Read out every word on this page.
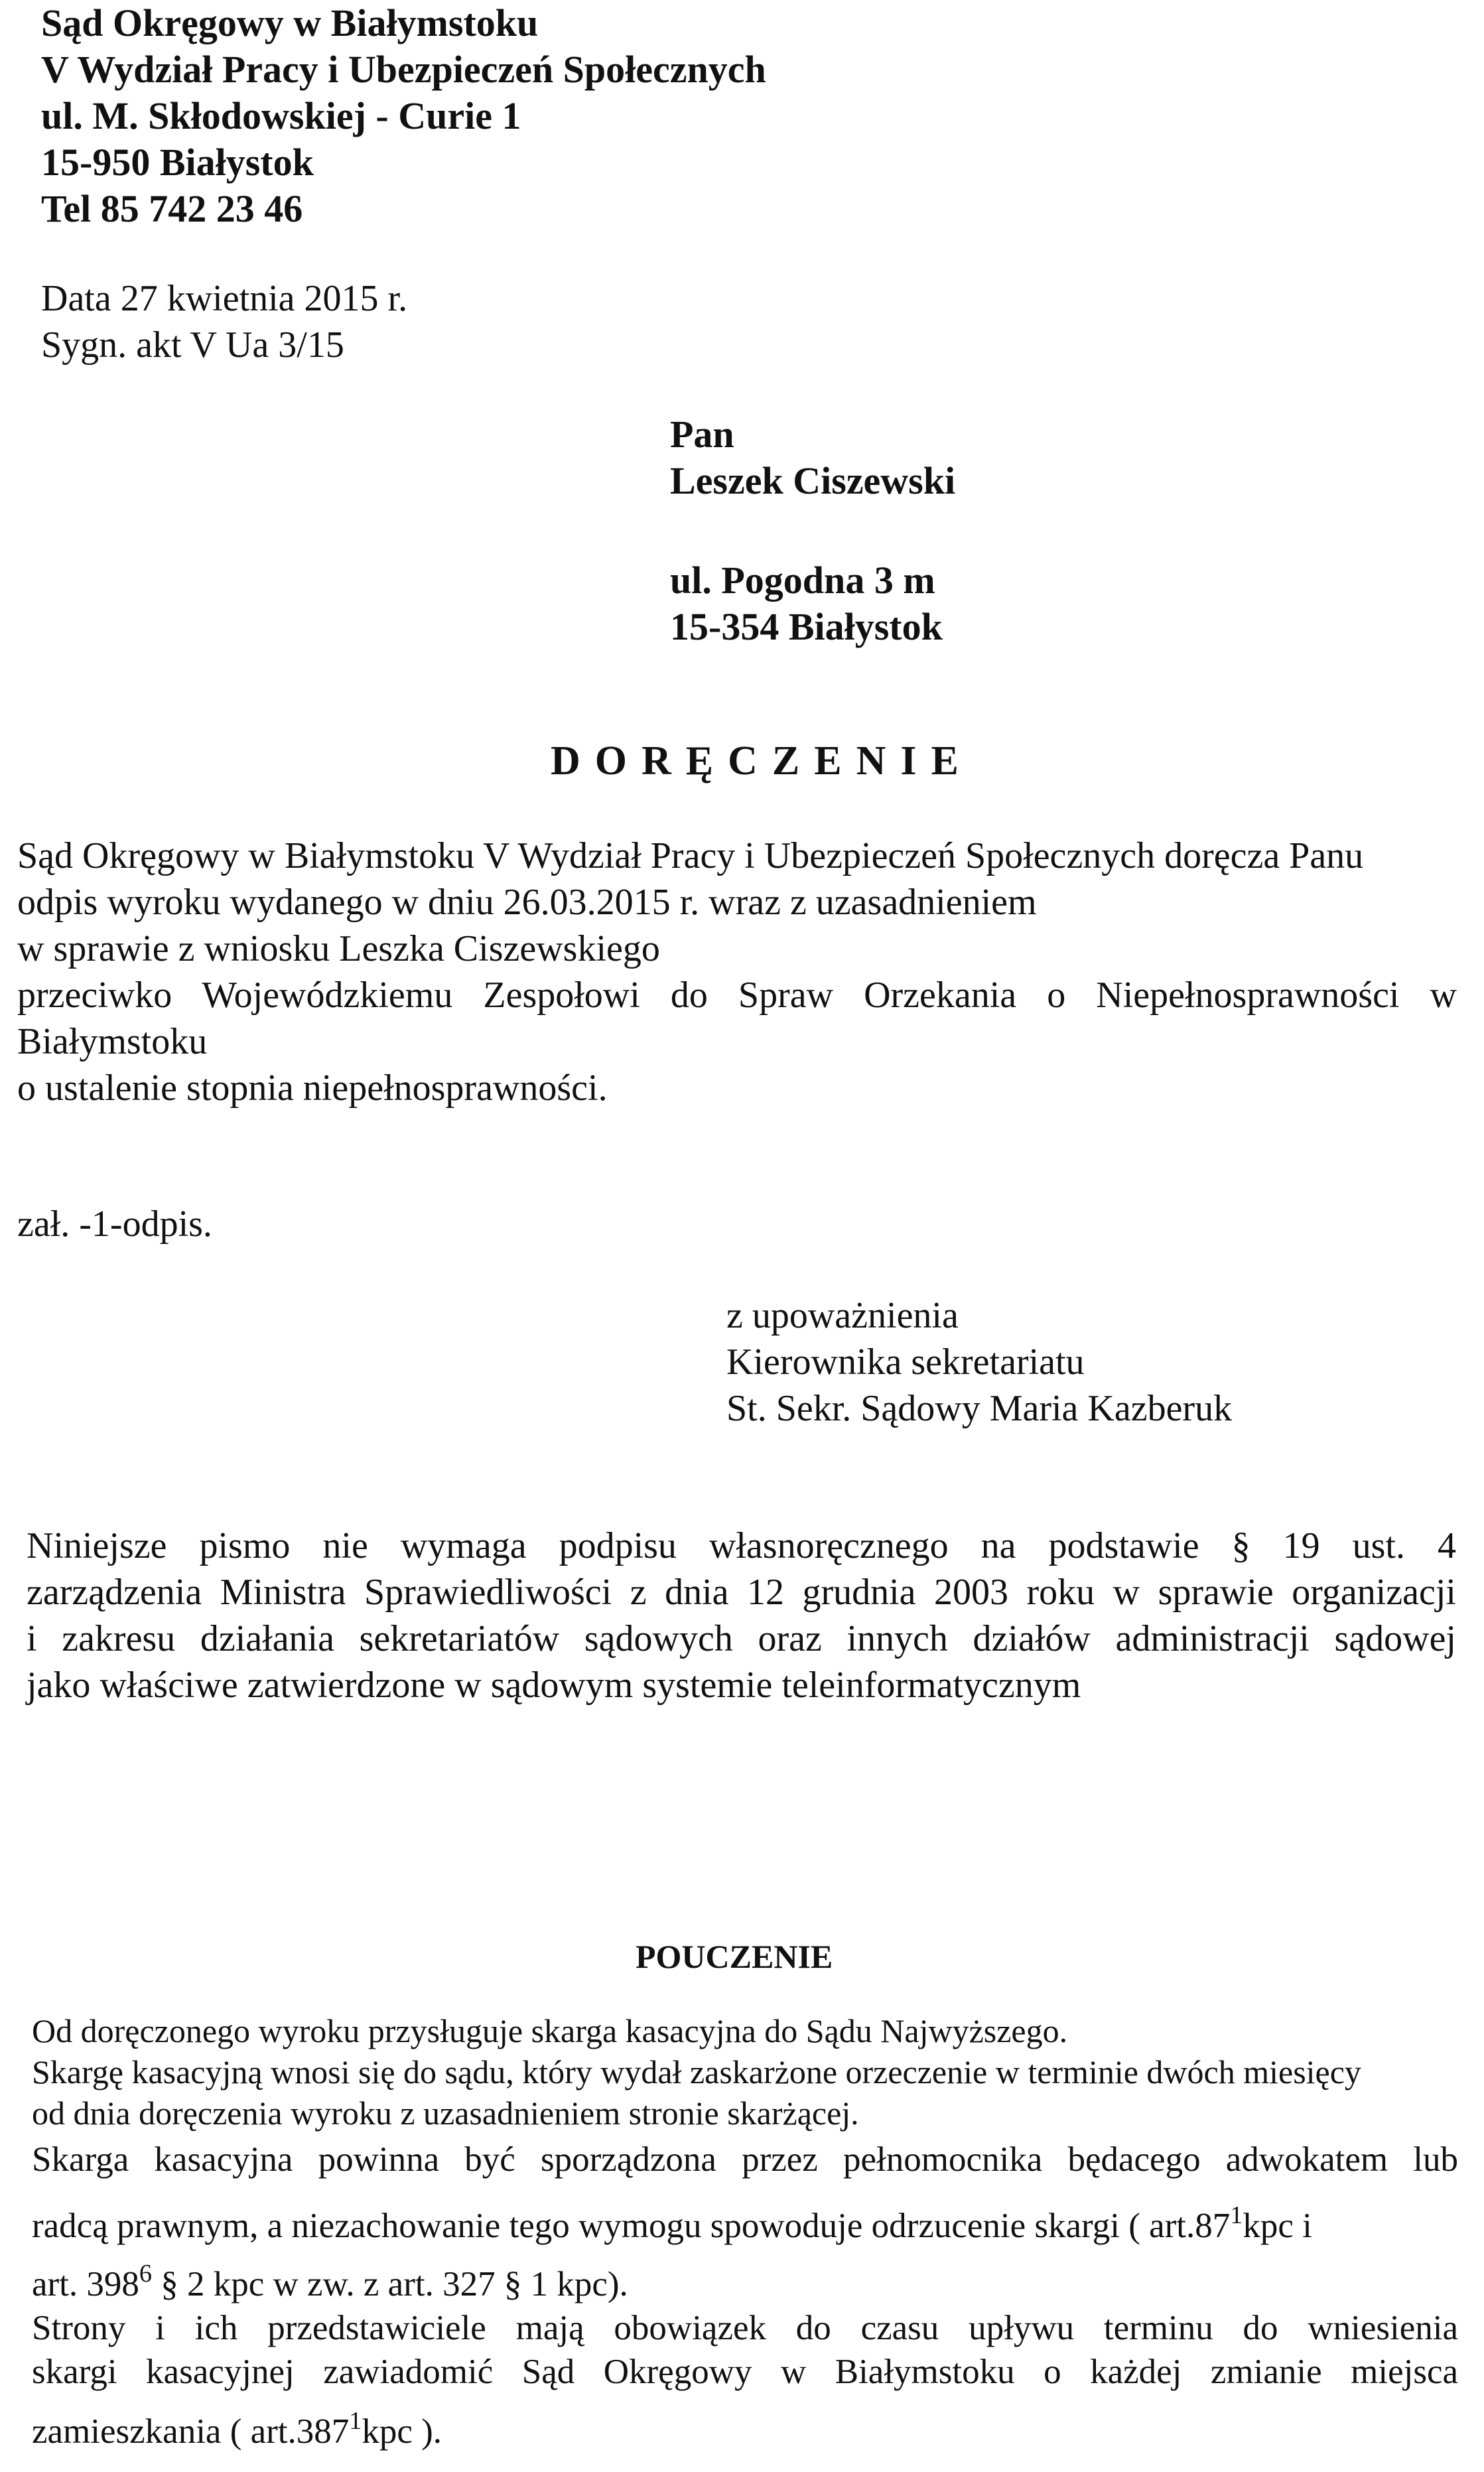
Sąd Okręgowy w Białymstoku
V Wydział Pracy i Ubezpieczeń Społecznych
ul. M. Skłodowskiej - Curie 1
15-950 Białystok
Tel 85 742 23 46
Data 27 kwietnia 2015 r.
Sygn. akt V Ua 3/15
Pan
Leszek Ciszewski
ul. Pogodna 3 m
15-354 Białystok
DORĘCZENIE
Sąd Okręgowy w Białymstoku V Wydział Pracy i Ubezpieczeń Społecznych doręcza Panu
odpis wyroku wydanego w dniu 26.03.2015 r. wraz z uzasadnieniem
w sprawie z wniosku Leszka Ciszewskiego
przeciwko Wojewódzkiemu Zespołowi do Spraw Orzekania o Niepełnosprawności w
Białymstoku
o ustalenie stopnia niepełnosprawności.
zał. -1-odpis.
z upoważnienia
Kierownika sekretariatu
St. Sekr. Sądowy Maria Kazberuk
Niniejsze pismo nie wymaga podpisu własnoręcznego na podstawie § 19 ust. 4
zarządzenia Ministra Sprawiedliwości z dnia 12 grudnia 2003 roku w sprawie organizacji
i zakresu działania sekretariatów sądowych oraz innych działów administracji sądowej
jako właściwe zatwierdzone w sądowym systemie teleinformatycznym
POUCZENIE
Od doręczonego wyroku przysługuje skarga kasacyjna do Sądu Najwyższego.
Skargę kasacyjną wnosi się do sądu, który wydał zaskarżone orzeczenie w terminie dwóch miesięcy
od dnia doręczenia wyroku z uzasadnieniem stronie skarżącej.
Skarga kasacyjna powinna być sporządzona przez pełnomocnika będacego adwokatem lub
radcą prawnym, a niezachowanie tego wymogu spowoduje odrzucenie skargi ( $art.87^1kpc$ i
art. $398^6$ § 2 kpc w zw. z art. 327 § 1 kpc).
Strony i ich przedstawiciele mają obowiązek do czasu upływu terminu do wniesienia
skargi kasacyjnej zawiadomić Sąd Okręgowy w Białymstoku o każdej zmianie miejsca
zamieszkania ( art.387$^1$kpc ).
